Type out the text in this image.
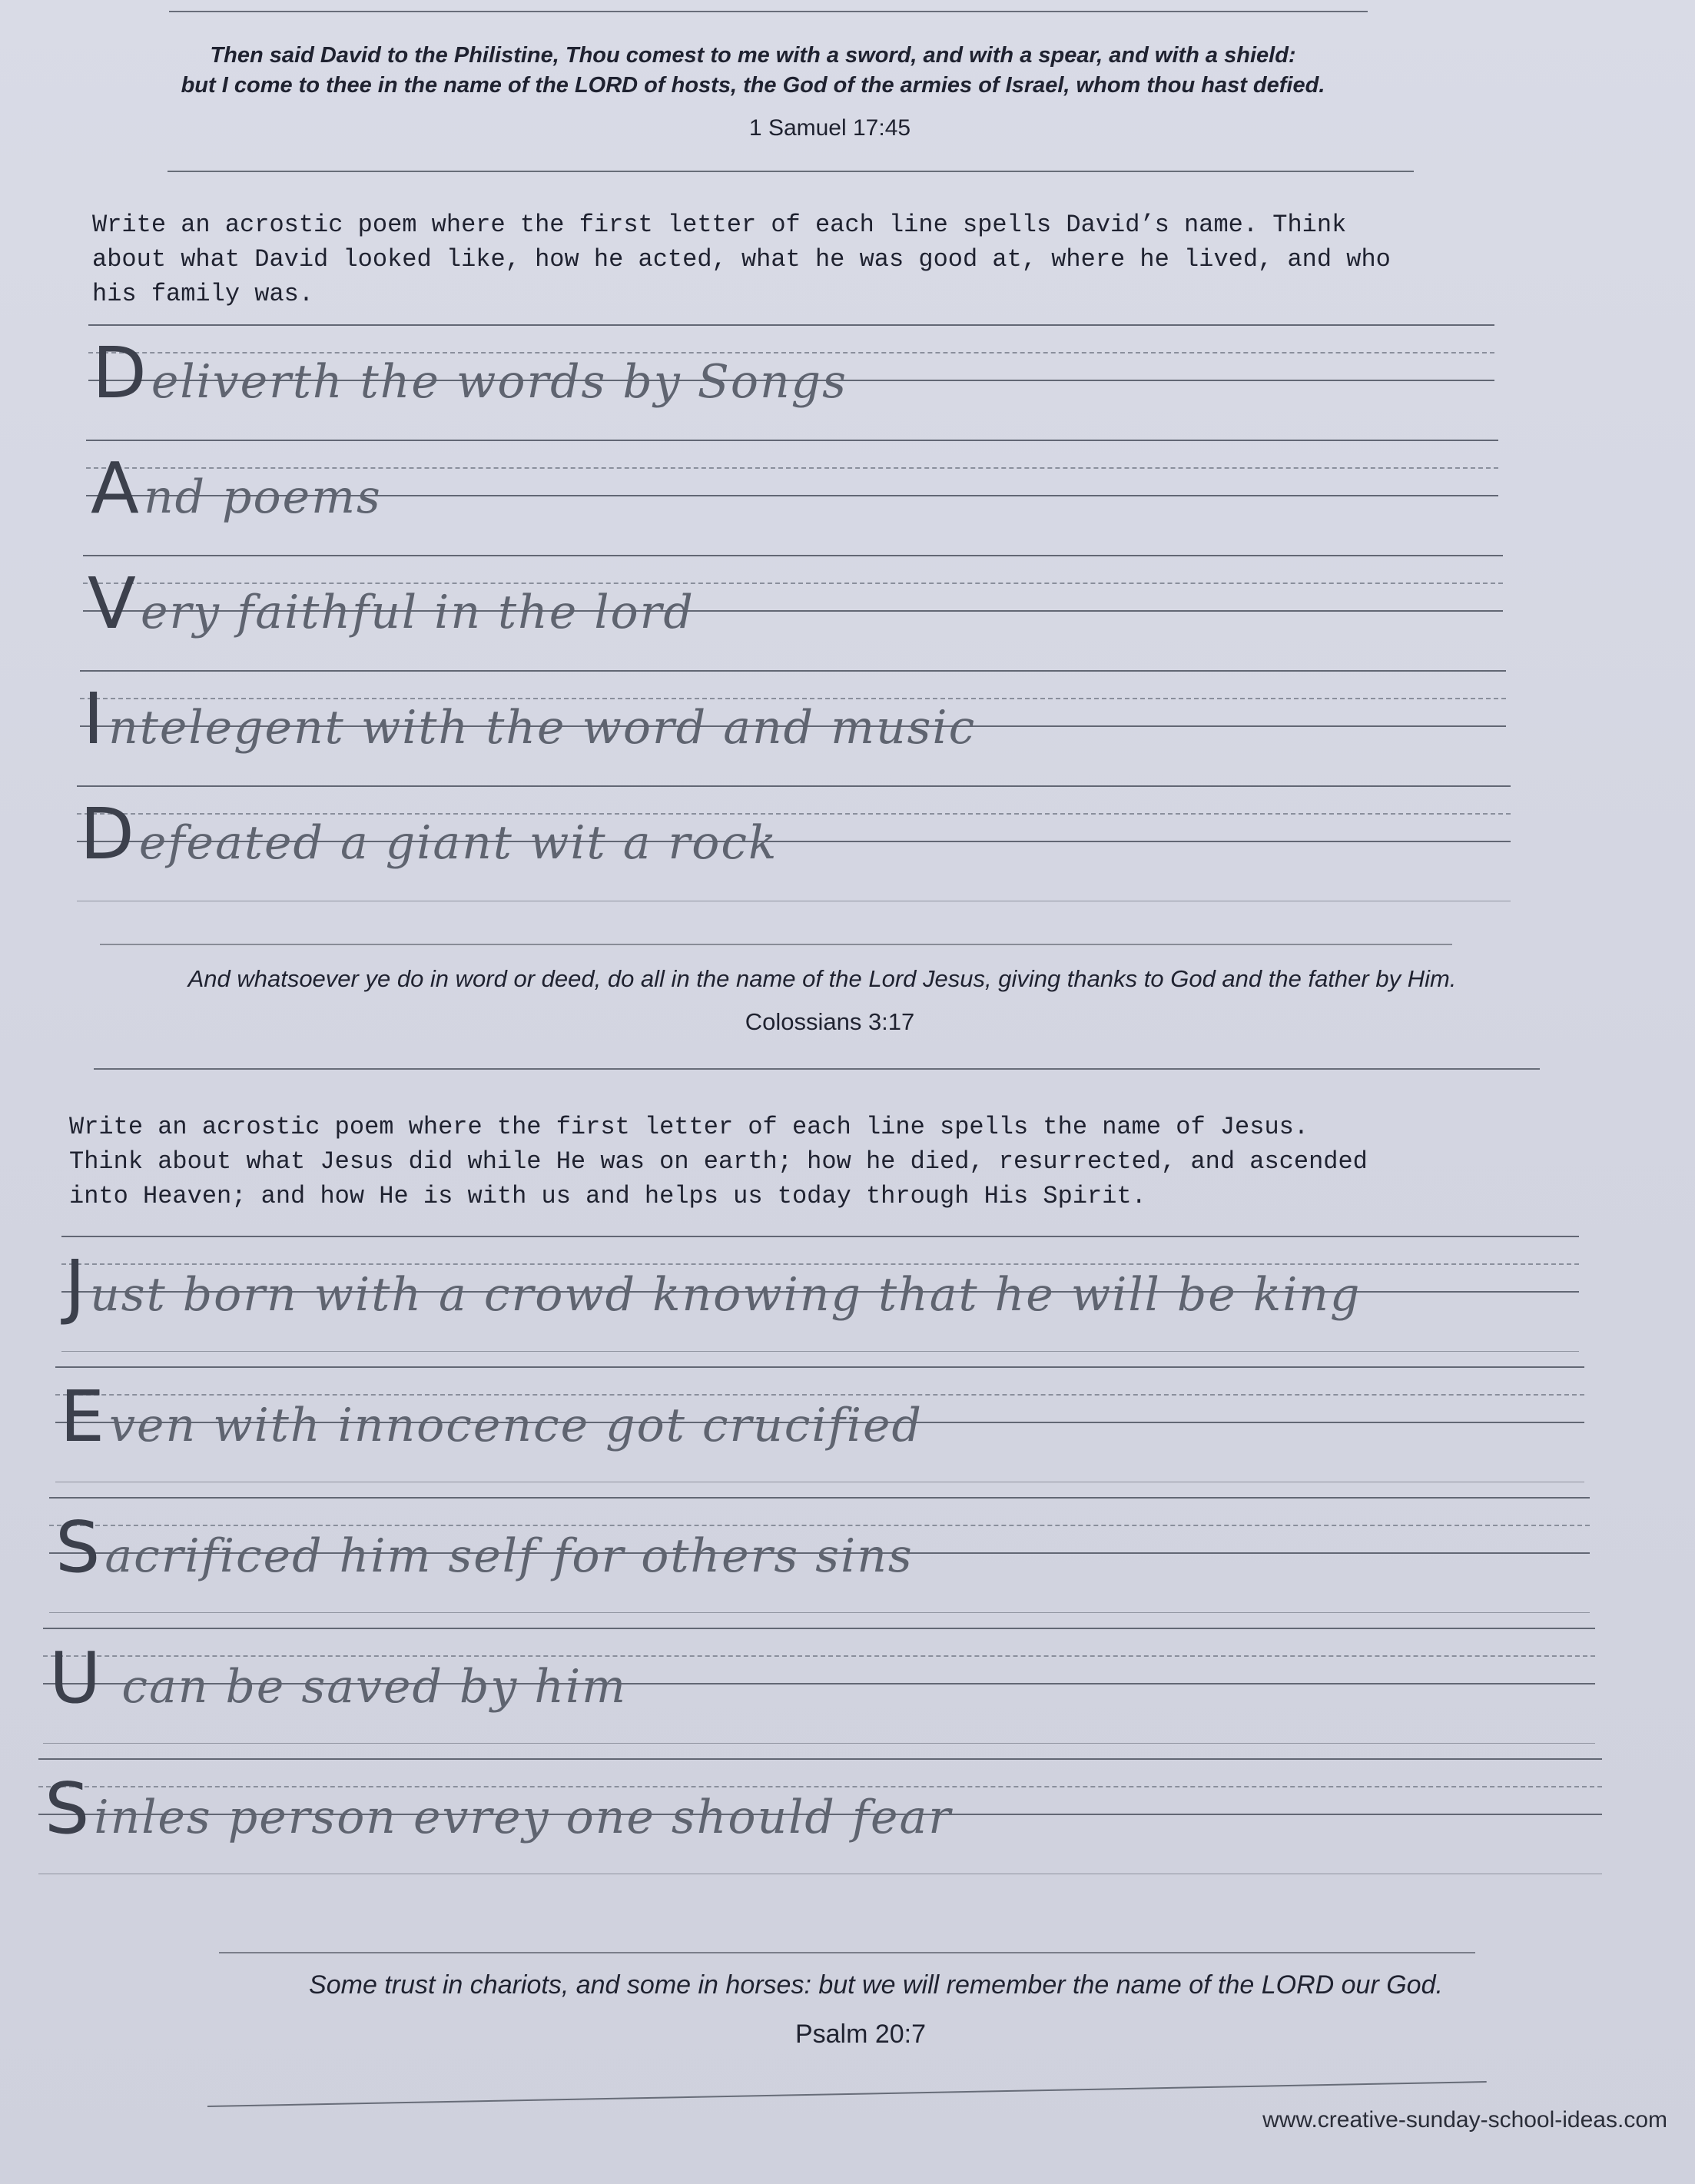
Then said David to the Philistine, Thou comest to me with a sword, and with a spear, and with a shield:
but I come to thee in the name of the LORD of hosts, the God of the armies of Israel, whom thou hast defied.
1 Samuel 17:45
Write an acrostic poem where the first letter of each line spells David’s name. Think
about what David looked like, how he acted, what he was good at, where he lived, and who
his family was.
Deliverth the words by Songs
And poems
Very faithful in the lord
Intelegent with the word and music
Defeated a giant wit a rock
And whatsoever ye do in word or deed, do all in the name of the Lord Jesus, giving thanks to God and the father by Him.
Colossians 3:17
Write an acrostic poem where the first letter of each line spells the name of Jesus.
Think about what Jesus did while He was on earth; how he died, resurrected, and ascended
into Heaven; and how He is with us and helps us today through His Spirit.
Just born with a crowd knowing that he will be king
Even with innocence got crucified
Sacrificed him self for others sins
U can be saved by him
Sinles person evrey one should fear
Some trust in chariots, and some in horses: but we will remember the name of the LORD our God.
Psalm 20:7
www.creative-sunday-school-ideas.com
